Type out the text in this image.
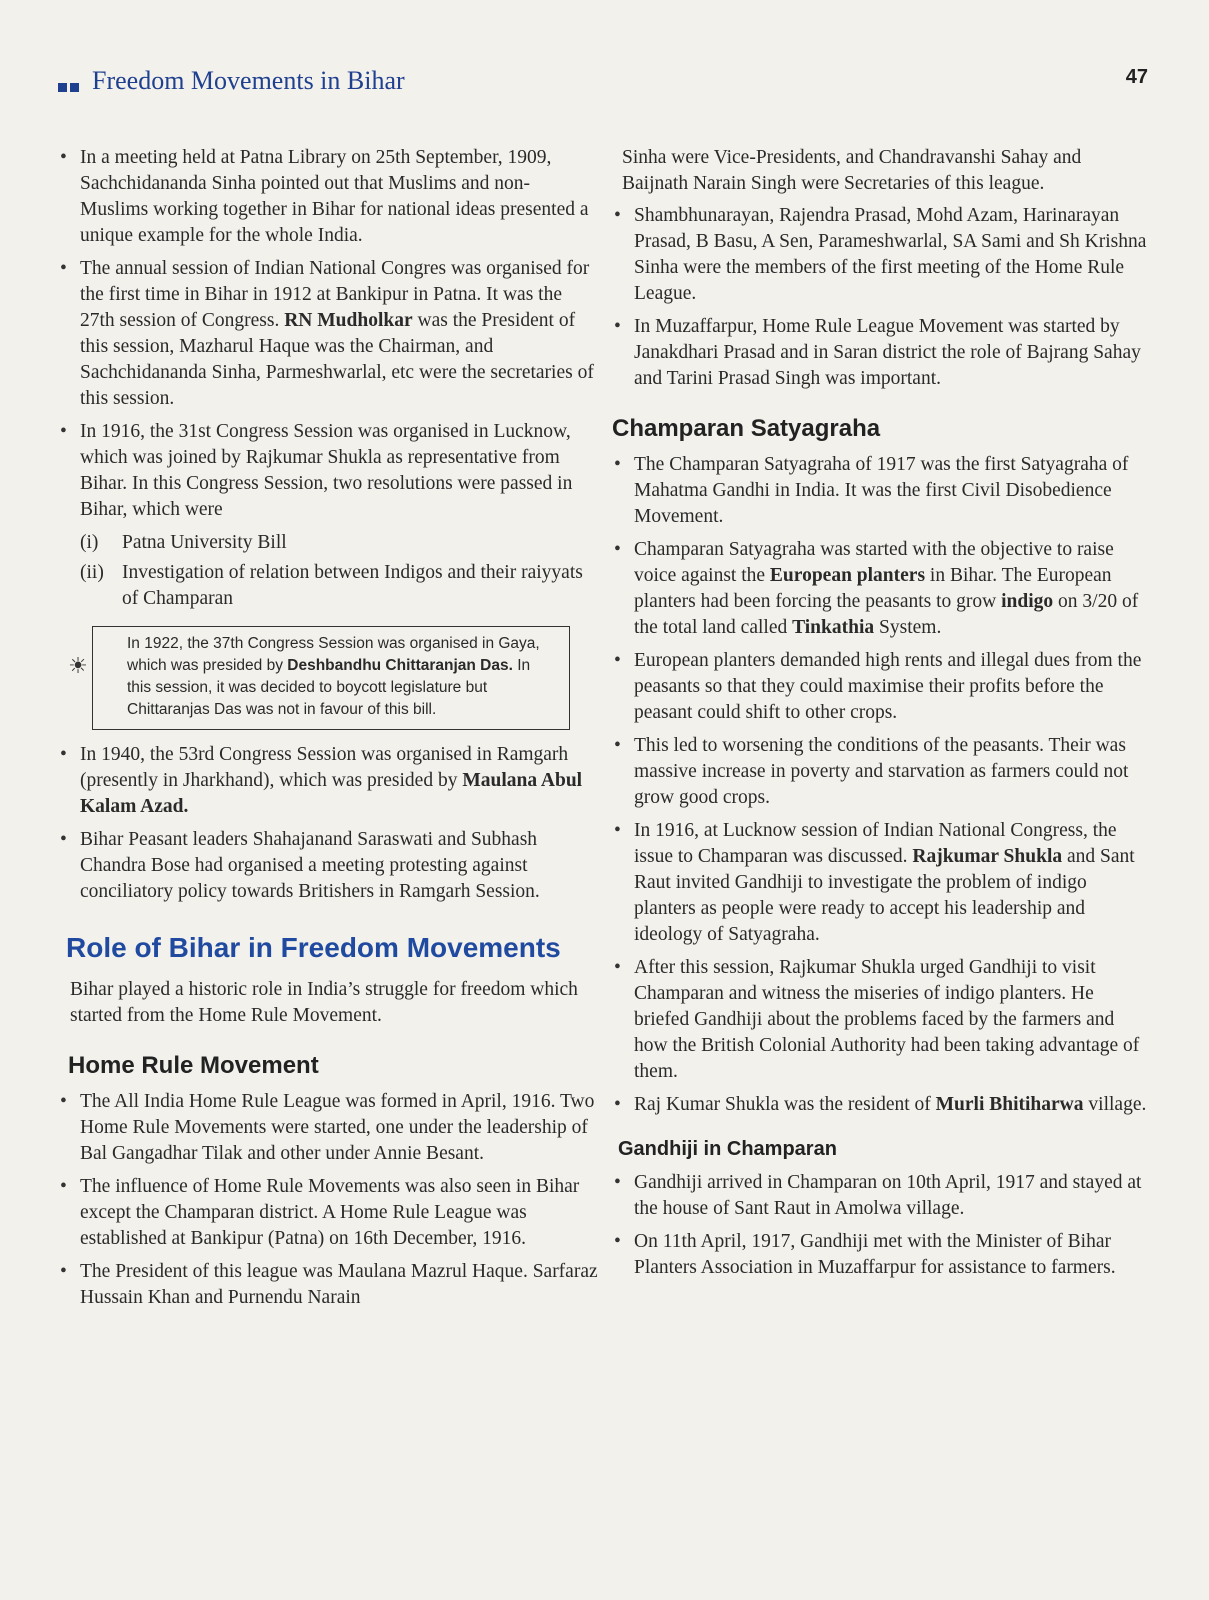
Freedom Movements in Bihar	47
• In a meeting held at Patna Library on 25th September, 1909, Sachchidananda Sinha pointed out that Muslims and non-Muslims working together in Bihar for national ideas presented a unique example for the whole India.
• The annual session of Indian National Congres was organised for the first time in Bihar in 1912 at Bankipur in Patna. It was the 27th session of Congress. RN Mudholkar was the President of this session, Mazharul Haque was the Chairman, and Sachchidananda Sinha, Parmeshwarlal, etc were the secretaries of this session.
• In 1916, the 31st Congress Session was organised in Lucknow, which was joined by Rajkumar Shukla as representative from Bihar. In this Congress Session, two resolutions were passed in Bihar, which were
(i) Patna University Bill
(ii) Investigation of relation between Indigos and their raiyyats of Champaran
☀
In 1922, the 37th Congress Session was organised in Gaya, which was presided by Deshbandhu Chittaranjan Das. In this session, it was decided to boycott legislature but Chittaranjas Das was not in favour of this bill.
• In 1940, the 53rd Congress Session was organised in Ramgarh (presently in Jharkhand), which was presided by Maulana Abul Kalam Azad.
• Bihar Peasant leaders Shahajanand Saraswati and Subhash Chandra Bose had organised a meeting protesting against conciliatory policy towards Britishers in Ramgarh Session.
Role of Bihar in Freedom Movements
Bihar played a historic role in India’s struggle for freedom which started from the Home Rule Movement.
Home Rule Movement
• The All India Home Rule League was formed in April, 1916. Two Home Rule Movements were started, one under the leadership of Bal Gangadhar Tilak and other under Annie Besant.
• The influence of Home Rule Movements was also seen in Bihar except the Champaran district. A Home Rule League was established at Bankipur (Patna) on 16th December, 1916.
• The President of this league was Maulana Mazrul Haque. Sarfaraz Hussain Khan and Purnendu Narain
Sinha were Vice-Presidents, and Chandravanshi Sahay and Baijnath Narain Singh were Secretaries of this league.
• Shambhunarayan, Rajendra Prasad, Mohd Azam, Harinarayan Prasad, B Basu, A Sen, Parameshwarlal, SA Sami and Sh Krishna Sinha were the members of the first meeting of the Home Rule League.
• In Muzaffarpur, Home Rule League Movement was started by Janakdhari Prasad and in Saran district the role of Bajrang Sahay and Tarini Prasad Singh was important.
Champaran Satyagraha
• The Champaran Satyagraha of 1917 was the first Satyagraha of Mahatma Gandhi in India. It was the first Civil Disobedience Movement.
• Champaran Satyagraha was started with the objective to raise voice against the European planters in Bihar. The European planters had been forcing the peasants to grow indigo on 3/20 of the total land called Tinkathia System.
• European planters demanded high rents and illegal dues from the peasants so that they could maximise their profits before the peasant could shift to other crops.
• This led to worsening the conditions of the peasants. Their was massive increase in poverty and starvation as farmers could not grow good crops.
• In 1916, at Lucknow session of Indian National Congress, the issue to Champaran was discussed. Rajkumar Shukla and Sant Raut invited Gandhiji to investigate the problem of indigo planters as people were ready to accept his leadership and ideology of Satyagraha.
• After this session, Rajkumar Shukla urged Gandhiji to visit Champaran and witness the miseries of indigo planters. He briefed Gandhiji about the problems faced by the farmers and how the British Colonial Authority had been taking advantage of them.
• Raj Kumar Shukla was the resident of Murli Bhitiharwa village.
Gandhiji in Champaran
• Gandhiji arrived in Champaran on 10th April, 1917 and stayed at the house of Sant Raut in Amolwa village.
• On 11th April, 1917, Gandhiji met with the Minister of Bihar Planters Association in Muzaffarpur for assistance to farmers.
